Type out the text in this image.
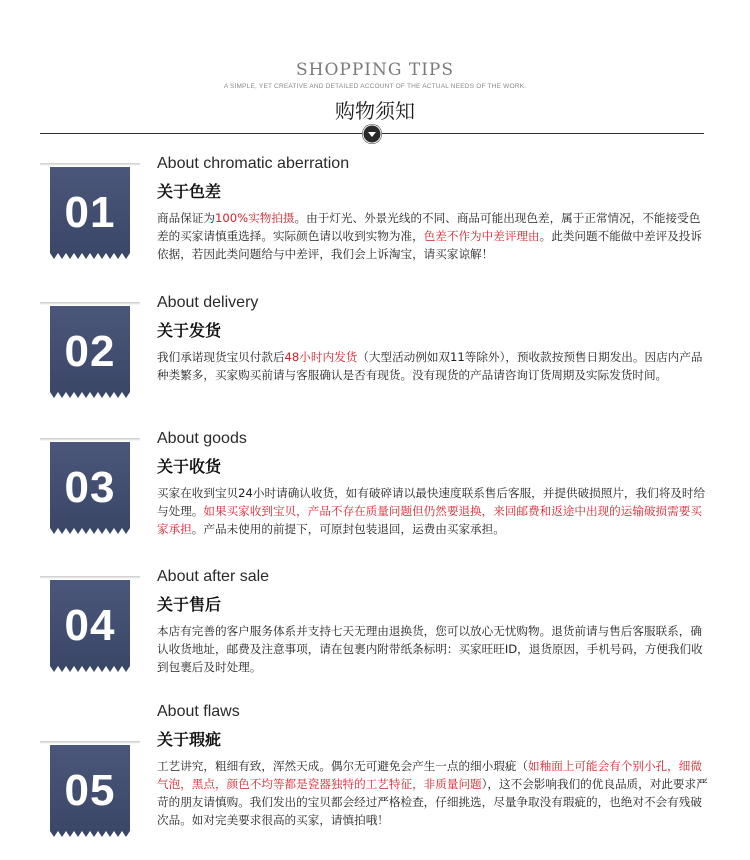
SHOPPING TIPS
A SIMPLE, YET CREATIVE AND DETAILED ACCOUNT OF THE ACTUAL NEEDS OF THE WORK.
购物须知
01
About chromatic aberration
关于色差
商品保证为100%实物拍摄。由于灯光、外景光线的不同、商品可能出现色差，属于正常情况，不能接受色差的买家请慎重选择。实际颜色请以收到实物为准，色差不作为中差评理由。此类问题不能做中差评及投诉依据，若因此类问题给与中差评，我们会上诉淘宝，请买家谅解！
02
About delivery
关于发货
我们承诺现货宝贝付款后48小时内发货（大型活动例如双11等除外），预收款按预售日期发出。因店内产品种类繁多，买家购买前请与客服确认是否有现货。没有现货的产品请咨询订货周期及实际发货时间。
03
About goods
关于收货
买家在收到宝贝24小时请确认收货，如有破碎请以最快速度联系售后客服，并提供破损照片，我们将及时给与处理。如果买家收到宝贝，产品不存在质量问题但仍然要退换，来回邮费和返途中出现的运输破损需要买家承担。产品未使用的前提下，可原封包装退回，运费由买家承担。
04
About after sale
关于售后
本店有完善的客户服务体系并支持七天无理由退换货，您可以放心无忧购物。退货前请与售后客服联系，确认收货地址，邮费及注意事项，请在包裹内附带纸条标明：买家旺旺ID，退货原因，手机号码，方便我们收到包裹后及时处理。
05
About flaws
关于瑕疵
工艺讲究，粗细有致，浑然天成。偶尔无可避免会产生一点的细小瑕疵（如釉面上可能会有个别小孔，细微气泡，黑点，颜色不均等都是瓷器独特的工艺特征，非质量问题），这不会影响我们的优良品质，对此要求严苛的朋友请慎购。我们发出的宝贝都会经过严格检查，仔细挑选，尽量争取没有瑕疵的，也绝对不会有残破次品。如对完美要求很高的买家，请慎拍哦！
